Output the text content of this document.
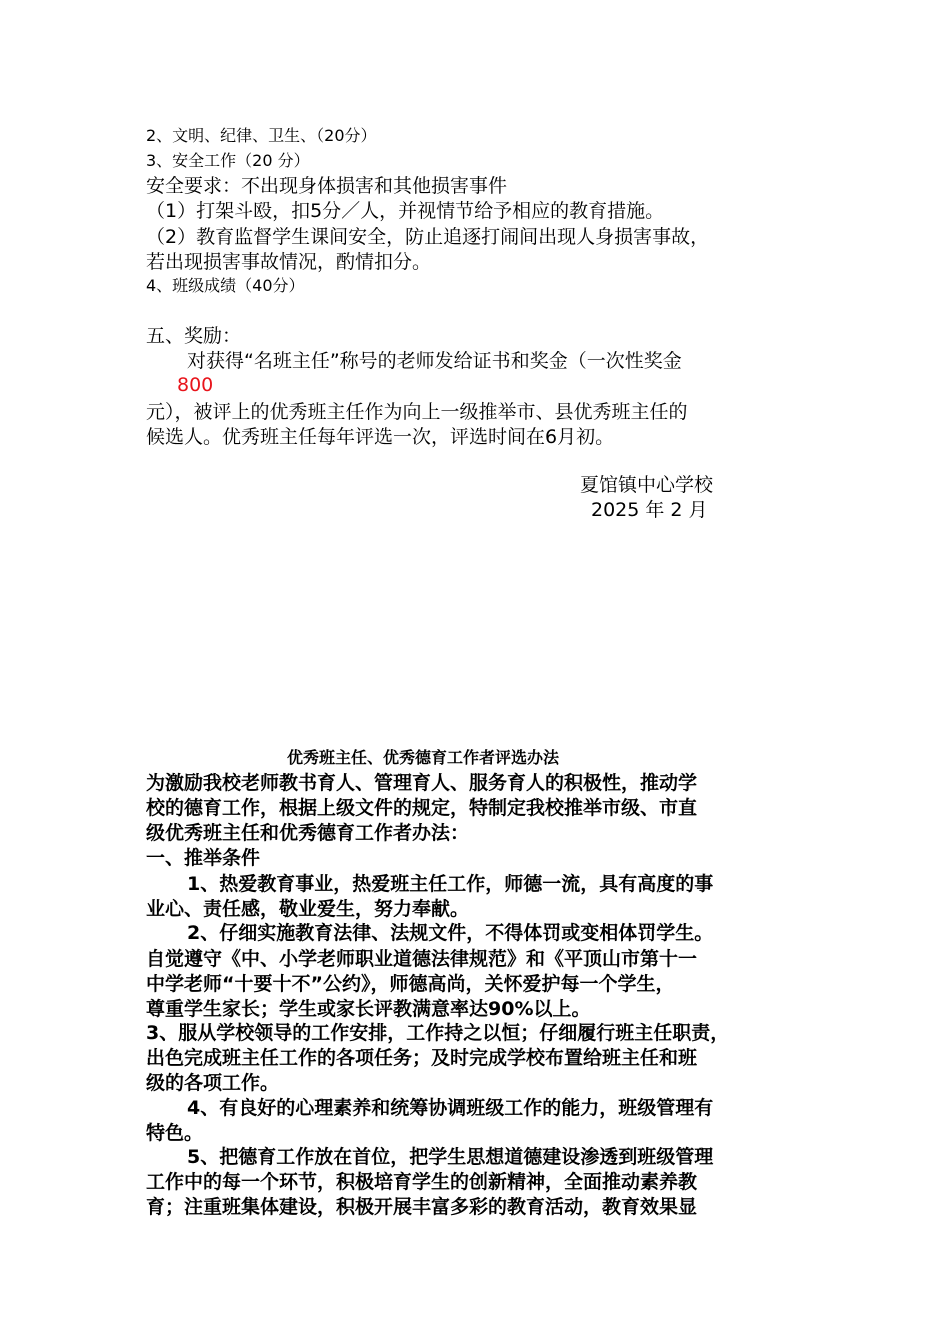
2、文明、纪律、卫生、（20分）
3、安全工作（20 分）
安全要求：不出现身体损害和其他损害事件
（1）打架斗殴，扣5分／人，并视情节给予相应的教育措施。
（2）教育监督学生课间安全，防止追逐打闹间出现人身损害事故，
若出现损害事故情况，酌情扣分。
4、班级成绩（40分）
五、奖励：
对获得“名班主任”称号的老师发给证书和奖金（一次性奖金
800
元），被评上的优秀班主任作为向上一级推举市、县优秀班主任的
候选人。优秀班主任每年评选一次，评选时间在6月初。
夏馆镇中心学校
2025 年 2 月
优秀班主任、优秀德育工作者评选办法
为激励我校老师教书育人、管理育人、服务育人的积极性，推动学
校的德育工作，根据上级文件的规定，特制定我校推举市级、市直
级优秀班主任和优秀德育工作者办法：
一、推举条件
1、热爱教育事业，热爱班主任工作，师德一流，具有高度的事
业心、责任感，敬业爱生，努力奉献。
2、仔细实施教育法律、法规文件，不得体罚或变相体罚学生。
自觉遵守《中、小学老师职业道德法律规范》和《平顶山市第十一
中学老师“十要十不”公约》，师德高尚，关怀爱护每一个学生，
尊重学生家长；学生或家长评教满意率达90%以上。
3、服从学校领导的工作安排，工作持之以恒；仔细履行班主任职责，
出色完成班主任工作的各项任务；及时完成学校布置给班主任和班
级的各项工作。
4、有良好的心理素养和统筹协调班级工作的能力，班级管理有
特色。
5、把德育工作放在首位，把学生思想道德建设渗透到班级管理
工作中的每一个环节，积极培育学生的创新精神，全面推动素养教
育；注重班集体建设，积极开展丰富多彩的教育活动，教育效果显
